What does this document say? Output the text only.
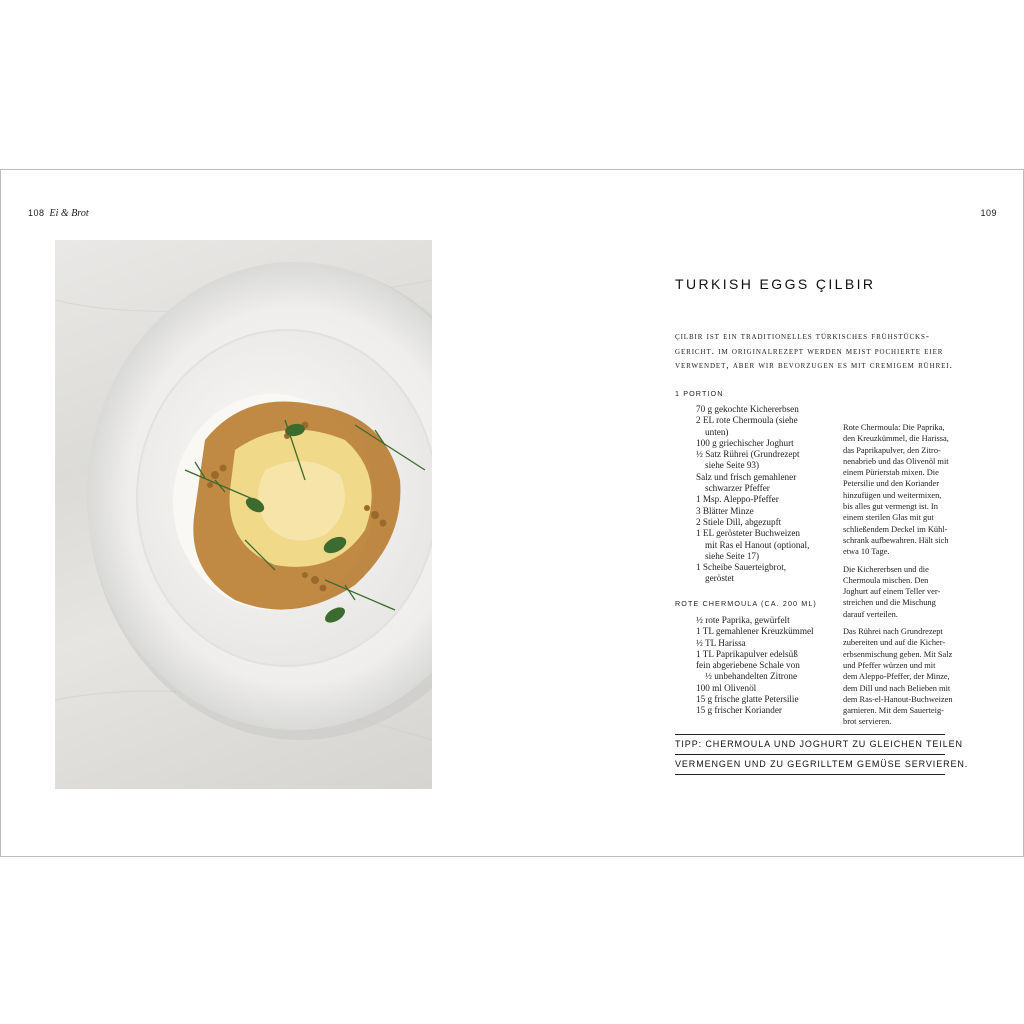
108 Ei & Brot	109
TURKISH EGGS ÇILBIR
çilbir ist ein traditionelles türkisches frühstücks-
gericht. im originalrezept werden meist pochierte eier
verwendet, aber wir bevorzugen es mit cremigem rührei.
1 PORTION
70 g gekochte Kichererbsen
2 EL rote Chermoula (siehe
unten)
100 g griechischer Joghurt
½ Satz Rührei (Grundrezept
siehe Seite 93)
Salz und frisch gemahlener
schwarzer Pfeffer
1 Msp. Aleppo-Pfeffer
3 Blätter Minze
2 Stiele Dill, abgezupft
1 EL gerösteter Buchweizen
mit Ras el Hanout (optional,
siehe Seite 17)
1 Scheibe Sauerteigbrot,
geröstet
ROTE CHERMOULA (CA. 200 ML)
½ rote Paprika, gewürfelt
1 TL gemahlener Kreuzkümmel
½ TL Harissa
1 TL Paprikapulver edelsüß
fein abgeriebene Schale von
½ unbehandelten Zitrone
100 ml Olivenöl
15 g frische glatte Petersilie
15 g frischer Koriander

Rote Chermoula: Die Paprika,
den Kreuzkümmel, die Harissa,
das Paprikapulver, den Zitro-
nenabrieb und das Olivenöl mit
einem Pürierstab mixen. Die
Petersilie und den Koriander
hinzufügen und weitermixen,
bis alles gut vermengt ist. In
einem sterilen Glas mit gut
schließendem Deckel im Kühl-
schrank aufbewahren. Hält sich
etwa 10 Tage.

Die Kichererbsen und die
Chermoula mischen. Den
Joghurt auf einem Teller ver-
streichen und die Mischung
darauf verteilen.

Das Rührei nach Grundrezept
zubereiten und auf die Kicher-
erbsenmischung geben. Mit Salz
und Pfeffer würzen und mit
dem Aleppo-Pfeffer, der Minze,
dem Dill und nach Belieben mit
dem Ras-el-Hanout-Buchweizen
garnieren. Mit dem Sauerteig-
brot servieren.

TIPP: CHERMOULA UND JOGHURT ZU GLEICHEN TEILEN
VERMENGEN UND ZU GEGRILLTEM GEMÜSE SERVIEREN.
